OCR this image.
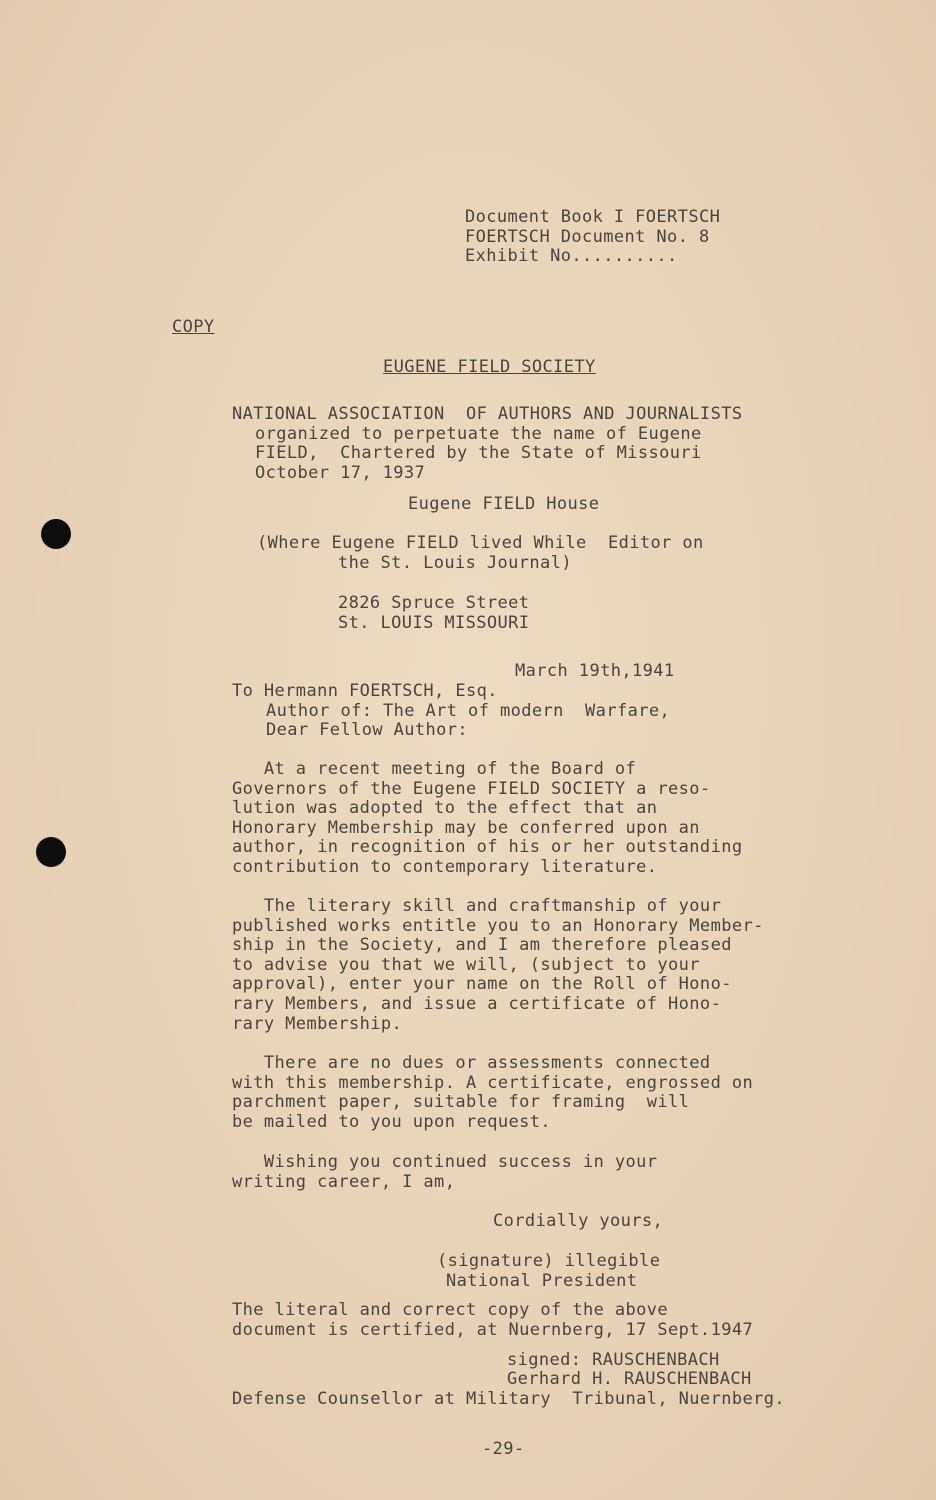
Document Book I FOERTSCH
FOERTSCH Document No. 8
Exhibit No..........
COPY
EUGENE FIELD SOCIETY
NATIONAL ASSOCIATION  OF AUTHORS AND JOURNALISTS
organized to perpetuate the name of Eugene
FIELD,  Chartered by the State of Missouri
October 17, 1937
Eugene FIELD House
(Where Eugene FIELD lived While  Editor on
the St. Louis Journal)
2826 Spruce Street
St. LOUIS MISSOURI
March 19th,1941
To Hermann FOERTSCH, Esq.
Author of: The Art of modern  Warfare,
Dear Fellow Author:
At a recent meeting of the Board of
Governors of the Eugene FIELD SOCIETY a reso-
lution was adopted to the effect that an
Honorary Membership may be conferred upon an
author, in recognition of his or her outstanding
contribution to contemporary literature.
The literary skill and craftmanship of your
published works entitle you to an Honorary Member-
ship in the Society, and I am therefore pleased
to advise you that we will, (subject to your
approval), enter your name on the Roll of Hono-
rary Members, and issue a certificate of Hono-
rary Membership.
There are no dues or assessments connected
with this membership. A certificate, engrossed on
parchment paper, suitable for framing  will
be mailed to you upon request.
Wishing you continued success in your
writing career, I am,
Cordially yours,
(signature) illegible
National President
The literal and correct copy of the above
document is certified, at Nuernberg, 17 Sept.1947
signed: RAUSCHENBACH
Gerhard H. RAUSCHENBACH
Defense Counsellor at Military  Tribunal, Nuernberg.
-29-
